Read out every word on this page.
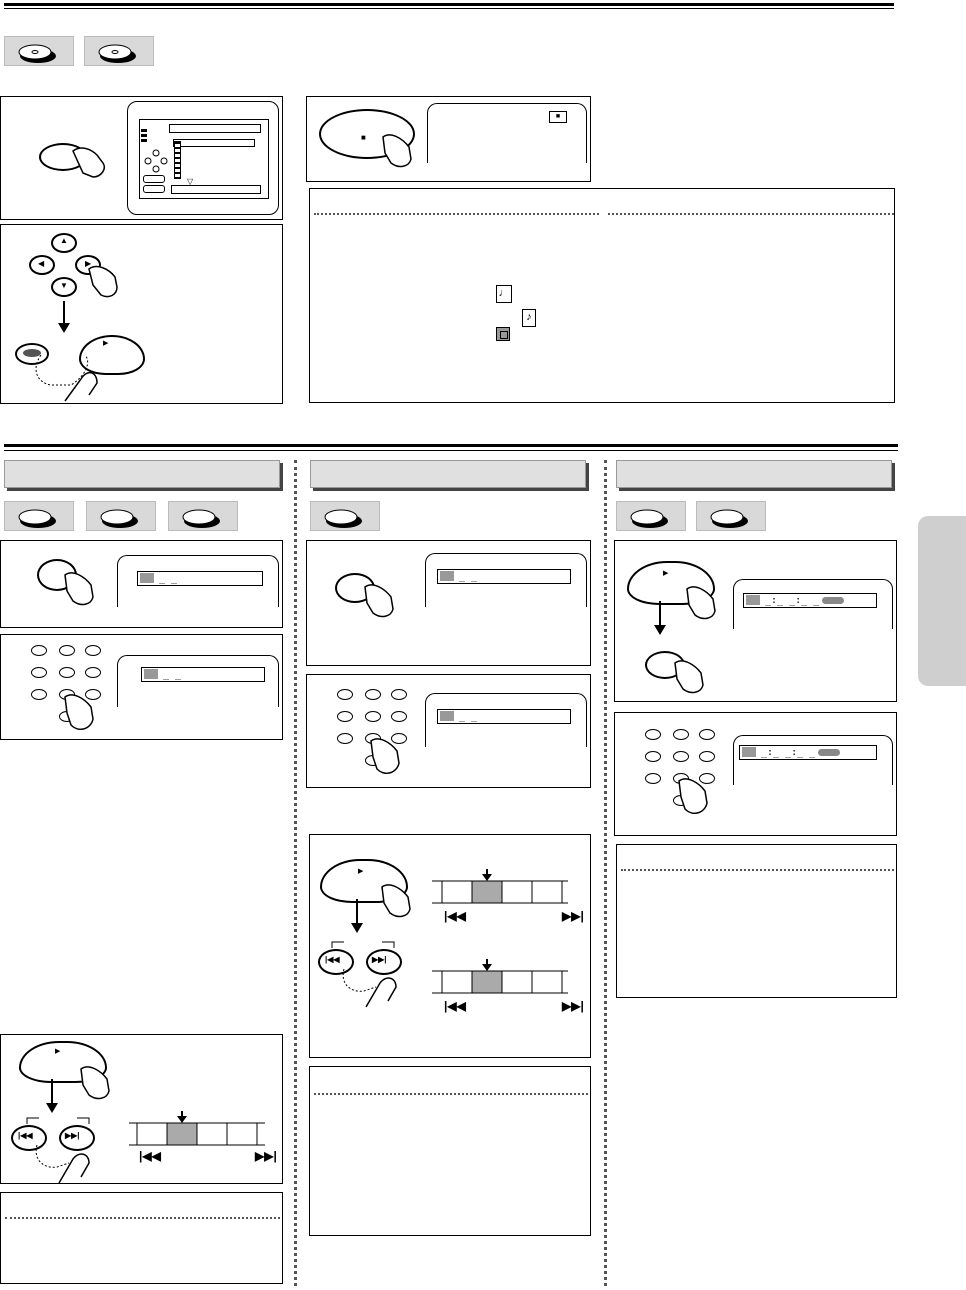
▽
▲
◀	▶
▼
▶
■
■
♩
♪
_ _
_ _
▶
|◀◀	▶▶|
|◀◀	▶▶|
_ _
_ _
▶
|◀◀	▶▶|
|◀◀	▶▶|
|◀◀	▶▶|
▶
_:_ _:_ _
_:_ _:_ _
